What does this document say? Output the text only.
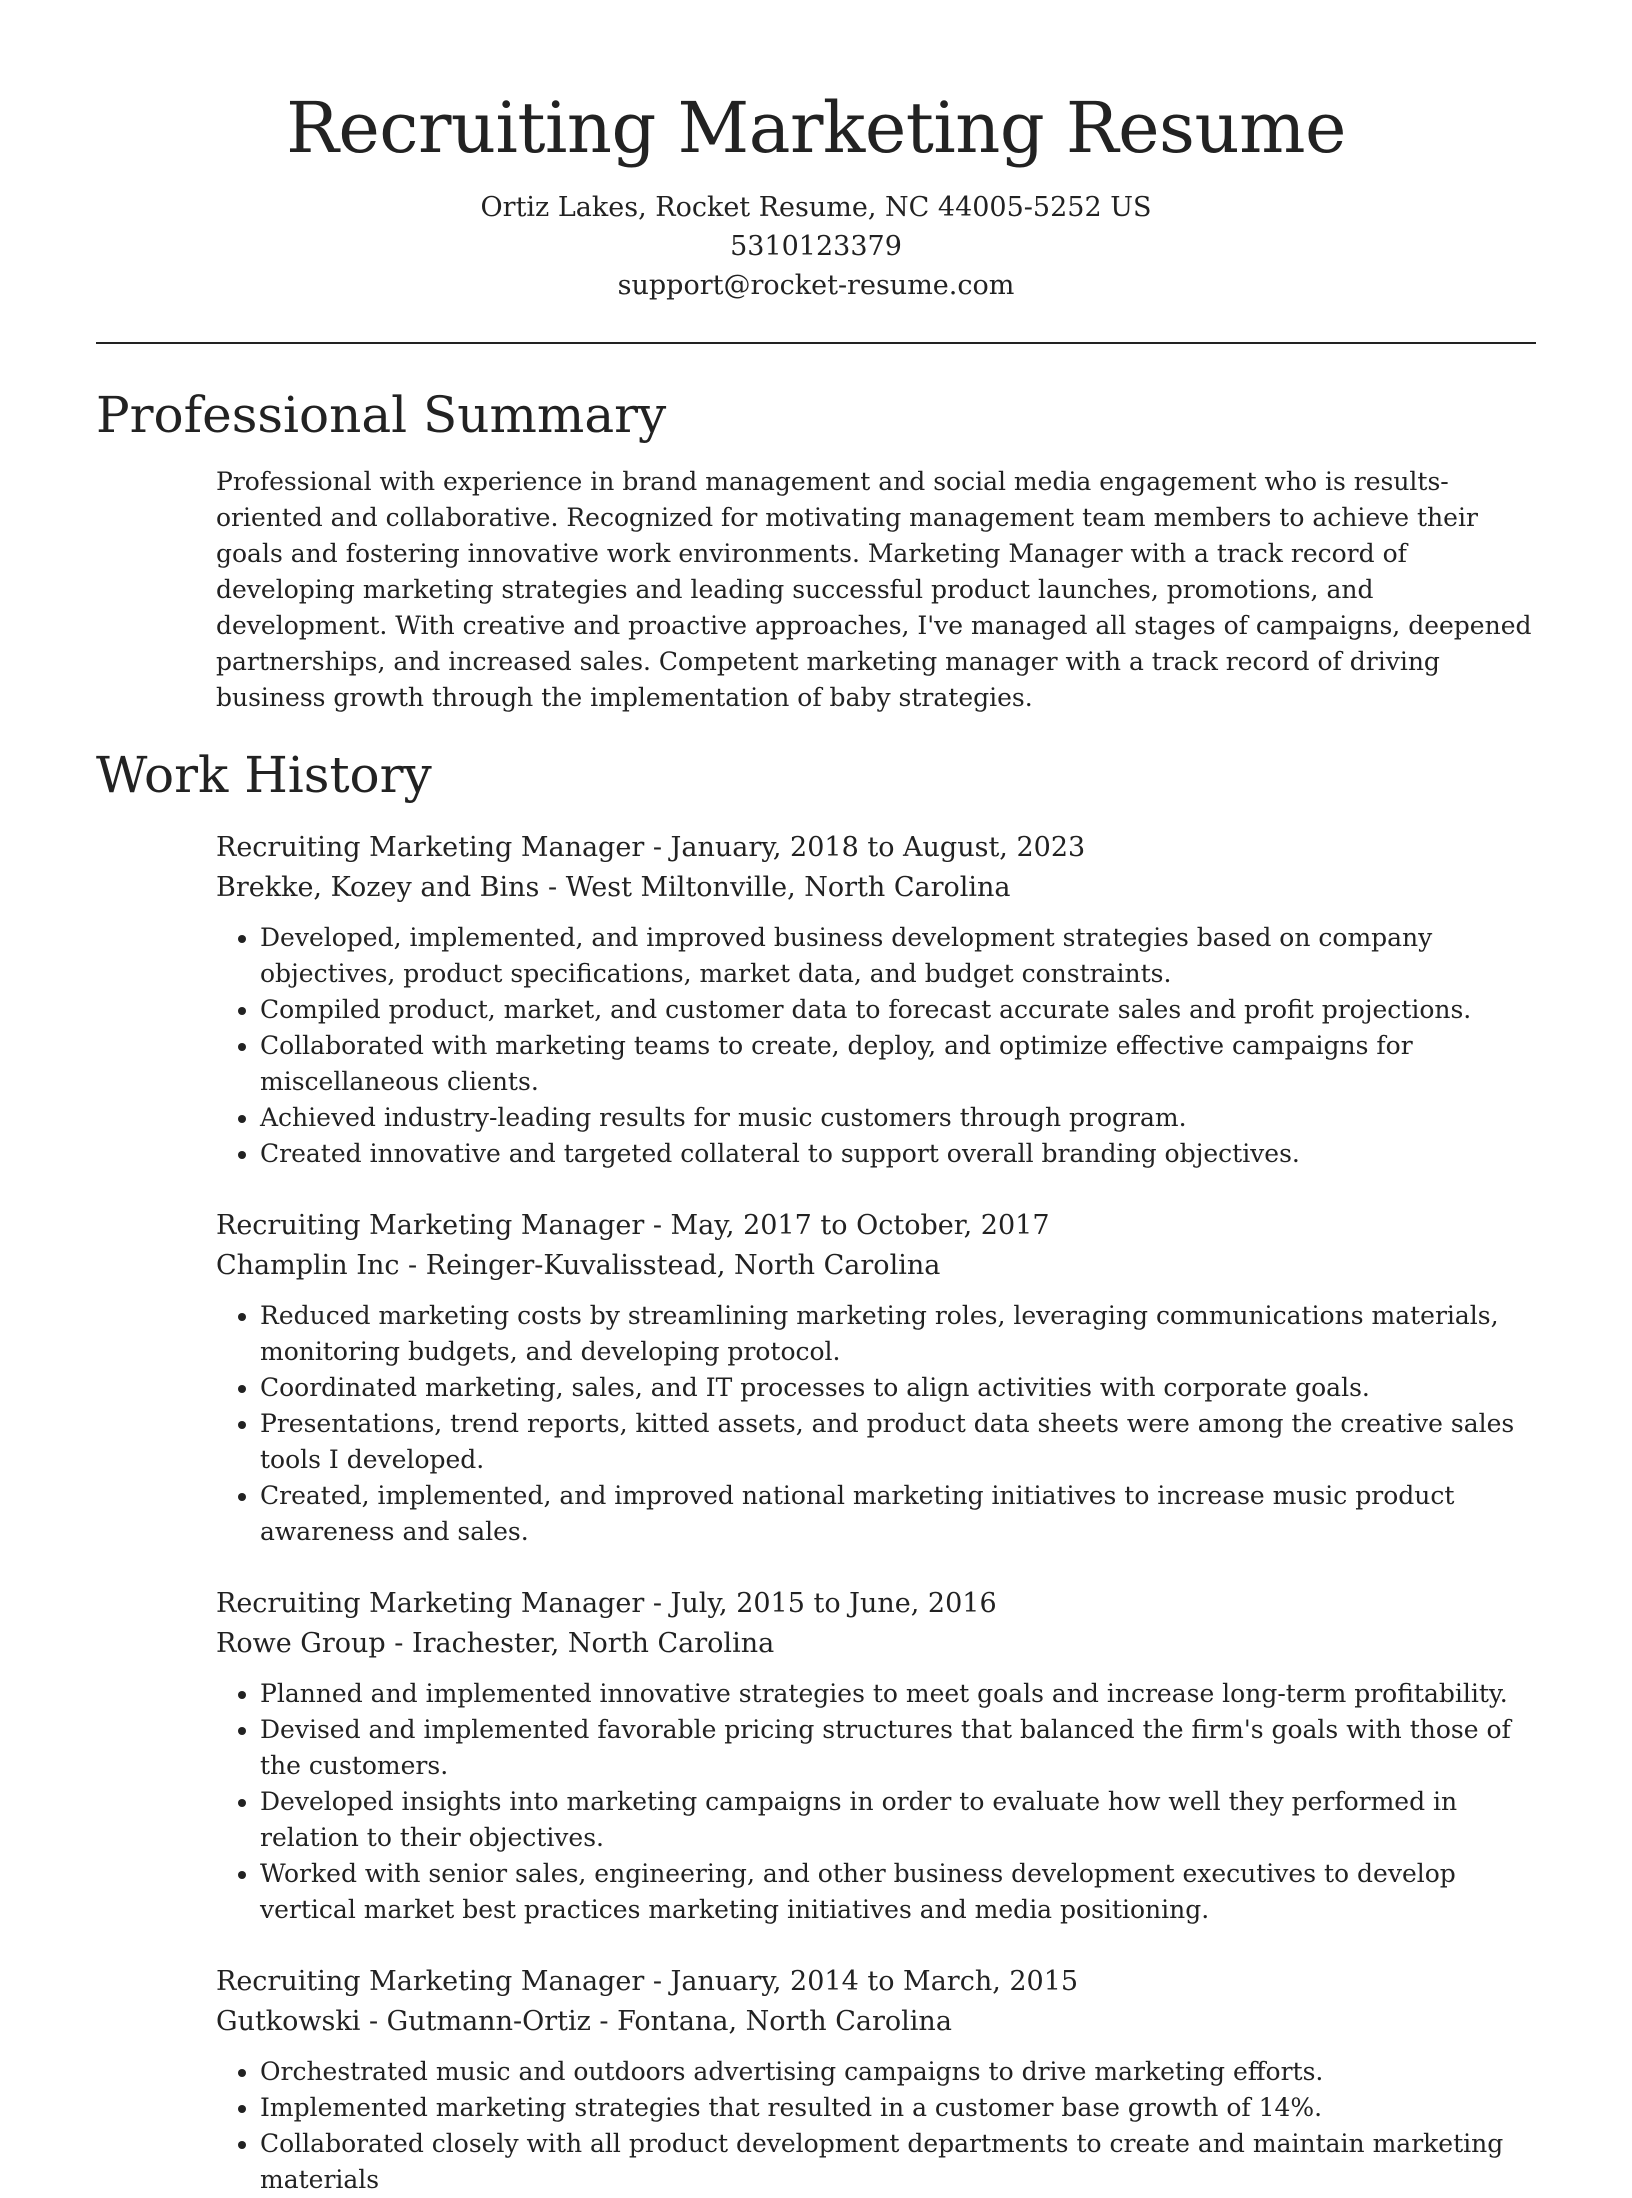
Recruiting Marketing Resume
Ortiz Lakes, Rocket Resume, NC 44005-5252 US
5310123379
support@rocket-resume.com
Professional Summary

Professional with experience in brand management and social media engagement who is results-oriented and collaborative. Recognized for motivating management team members to achieve their goals and fostering innovative work environments. Marketing Manager with a track record of developing marketing strategies and leading successful product launches, promotions, and development. With creative and proactive approaches, I've managed all stages of campaigns, deepened partnerships, and increased sales. Competent marketing manager with a track record of driving business growth through the implementation of baby strategies.

Work History
Recruiting Marketing Manager - January, 2018 to August, 2023
Brekke, Kozey and Bins - West Miltonville, North Carolina
• Developed, implemented, and improved business development strategies based on company objectives, product specifications, market data, and budget constraints.
• Compiled product, market, and customer data to forecast accurate sales and profit projections.
• Collaborated with marketing teams to create, deploy, and optimize effective campaigns for miscellaneous clients.
• Achieved industry-leading results for music customers through program.
• Created innovative and targeted collateral to support overall branding objectives.
Recruiting Marketing Manager - May, 2017 to October, 2017
Champlin Inc - Reinger-Kuvalisstead, North Carolina
• Reduced marketing costs by streamlining marketing roles, leveraging communications materials, monitoring budgets, and developing protocol.
• Coordinated marketing, sales, and IT processes to align activities with corporate goals.
• Presentations, trend reports, kitted assets, and product data sheets were among the creative sales tools I developed.
• Created, implemented, and improved national marketing initiatives to increase music product awareness and sales.
Recruiting Marketing Manager - July, 2015 to June, 2016
Rowe Group - Irachester, North Carolina
• Planned and implemented innovative strategies to meet goals and increase long-term profitability.
• Devised and implemented favorable pricing structures that balanced the firm's goals with those of the customers.
• Developed insights into marketing campaigns in order to evaluate how well they performed in relation to their objectives.
• Worked with senior sales, engineering, and other business development executives to develop vertical market best practices marketing initiatives and media positioning.
Recruiting Marketing Manager - January, 2014 to March, 2015
Gutkowski - Gutmann-Ortiz - Fontana, North Carolina
• Orchestrated music and outdoors advertising campaigns to drive marketing efforts.
• Implemented marketing strategies that resulted in a customer base growth of 14%.
• Collaborated closely with all product development departments to create and maintain marketing materials
